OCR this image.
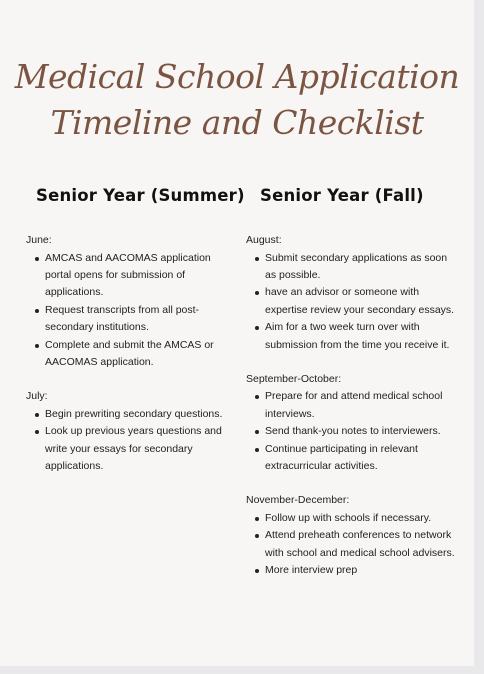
Medical School Application
Timeline and Checklist
Senior Year (Summer)

June:

AMCAS and AACOMAS application portal opens for submission of applications.
Request transcripts from all post-secondary institutions.
Complete and submit the AMCAS or AACOMAS application.

July:

Begin prewriting secondary questions.
Look up previous years questions and write your essays for secondary applications.
Senior Year (Fall)

August:

Submit secondary applications as soon as possible.
have an advisor or someone with expertise review your secondary essays.
Aim for a two week turn over with submission from the time you receive it.

September-October:

Prepare for and attend medical school interviews.
Send thank-you notes to interviewers.
Continue participating in relevant extracurricular activities.

November-December:

Follow up with schools if necessary.
Attend preheath conferences to network with school and medical school advisers.
More interview prep
